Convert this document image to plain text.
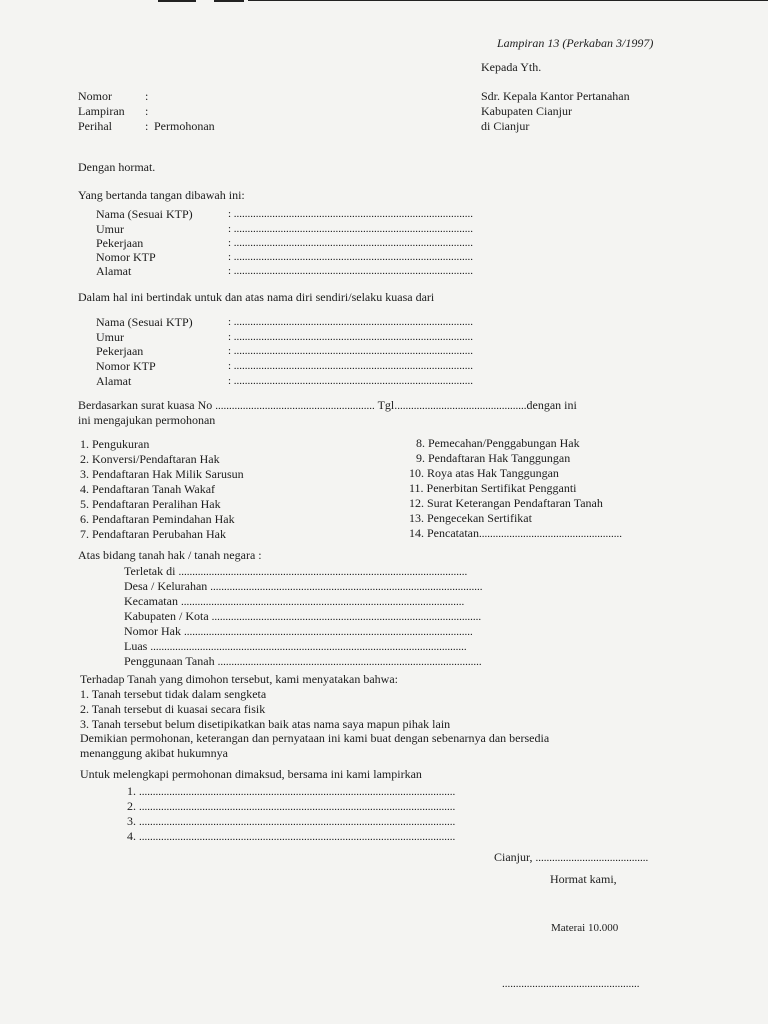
Lampiran 13 (Perkaban 3/1997)
Kepada Yth.
Sdr. Kepala Kantor Pertanahan
Kabupaten Cianjur
di Cianjur
Nomor	:
Lampiran :
Perihal	: Permohonan
Dengan hormat.
Yang bertanda tangan dibawah ini:
Nama (Sesuai KTP)
Umur
Pekerjaan
Nomor KTP
Alamat
: .......................................................................................
: .......................................................................................
: .......................................................................................
: .......................................................................................
: .......................................................................................
Dalam hal ini bertindak untuk dan atas nama diri sendiri/selaku kuasa dari
Nama (Sesuai KTP)
Umur
Pekerjaan
Nomor KTP
Alamat
: .......................................................................................
: .......................................................................................
: .......................................................................................
: .......................................................................................
: .......................................................................................
Berdasarkan surat kuasa No .......................................................... Tgl................................................dengan ini
ini mengajukan permohonan
1. Pengukuran
2. Konversi/Pendaftaran Hak
3. Pendaftaran Hak Milik Sarusun
4. Pendaftaran Tanah Wakaf
5. Pendaftaran Peralihan Hak
6. Pendaftaran Pemindahan Hak
7. Pendaftaran Perubahan Hak
8. Pemecahan/Penggabungan Hak
9. Pendaftaran Hak Tanggungan
10. Roya atas Hak Tanggungan
11. Penerbitan Sertifikat Pengganti
12. Surat Keterangan Pendaftaran Tanah
13. Pengecekan Sertifikat
14. Pencatatan....................................................
Atas bidang tanah hak / tanah negara :
Terletak di .........................................................................................................
Desa / Kelurahan ...................................................................................................
Kecamatan .......................................................................................................
Kabupaten / Kota ..................................................................................................
Nomor Hak .........................................................................................................
Luas ...................................................................................................................
Penggunaan Tanah ................................................................................................
Terhadap Tanah yang dimohon tersebut, kami menyatakan bahwa:
1. Tanah tersebut tidak dalam sengketa
2. Tanah tersebut di kuasai secara fisik
3. Tanah tersebut belum disetipikatkan baik atas nama saya mapun pihak lain
Demikian permohonan, keterangan dan pernyataan ini kami buat dengan sebenarnya dan bersedia
menanggung akibat hukumnya
Untuk melengkapi permohonan dimaksud, bersama ini kami lampirkan
1. ...................................................................................................................
2. ...................................................................................................................
3. ...................................................................................................................
4. ...................................................................................................................
Cianjur, .........................................
Hormat kami,
Materai 10.000
..................................................
